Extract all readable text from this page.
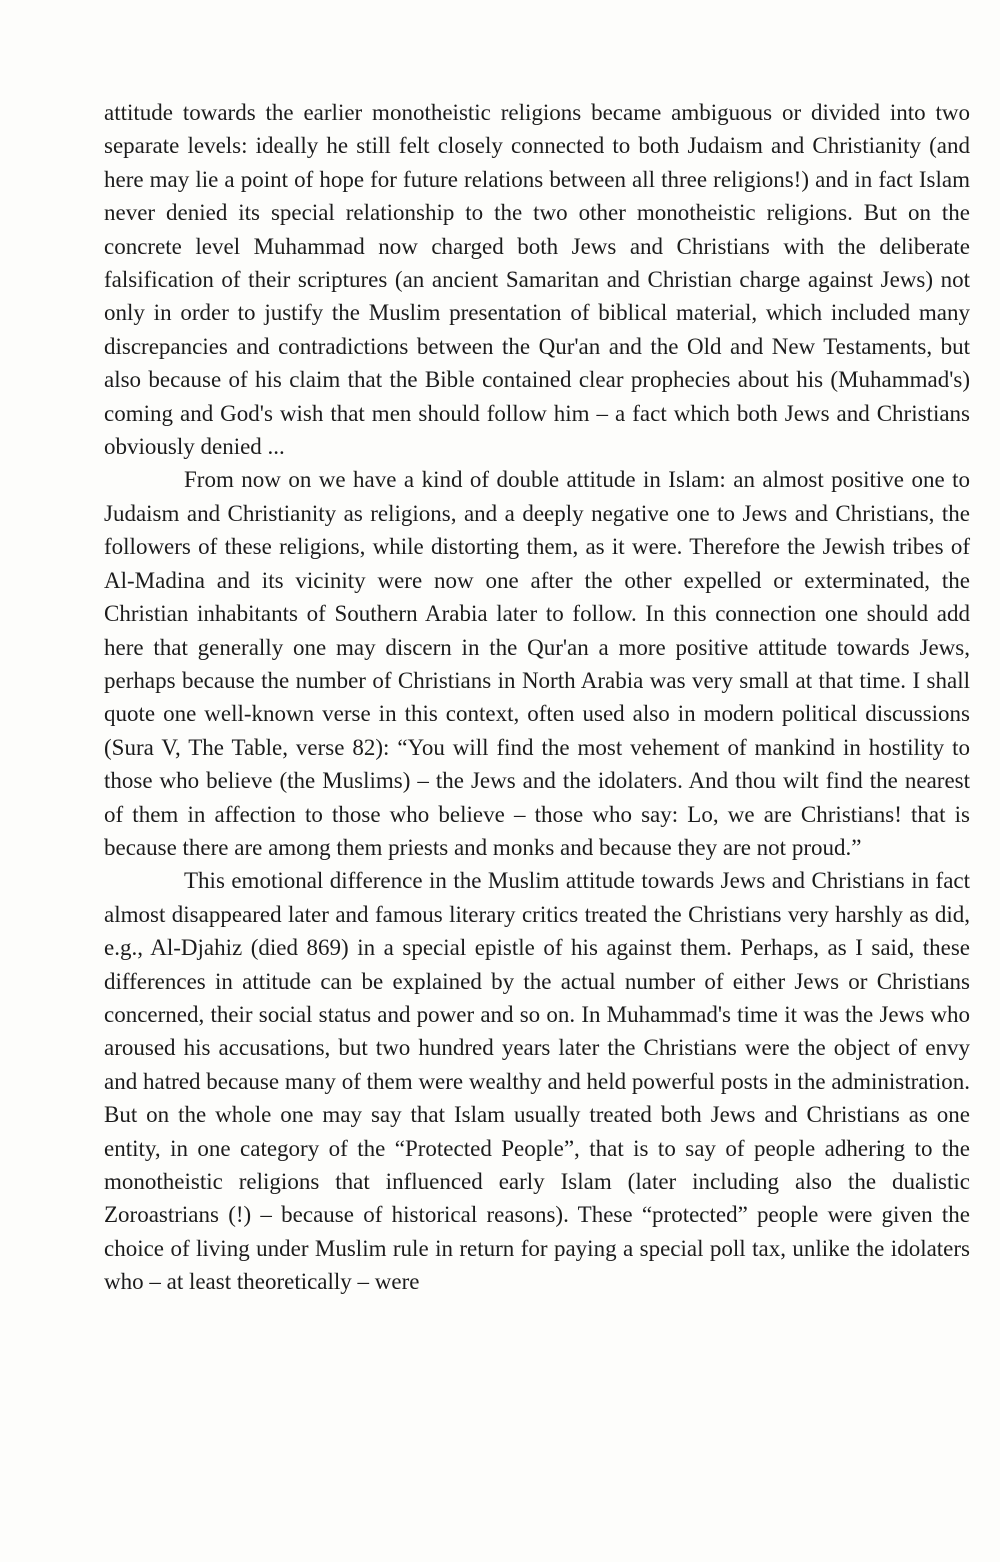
attitude towards the earlier monotheistic religions became ambiguous or divided into two separate levels: ideally he still felt closely connected to both Judaism and Christianity (and here may lie a point of hope for future relations between all three religions!) and in fact Islam never denied its special relationship to the two other monotheistic religions. But on the concrete level Muhammad now charged both Jews and Christians with the deliberate falsification of their scriptures (an ancient Samaritan and Christian charge against Jews) not only in order to justify the Muslim presentation of biblical material, which included many discrepancies and contradictions between the Qur'an and the Old and New Testaments, but also because of his claim that the Bible contained clear prophecies about his (Muhammad's) coming and God's wish that men should follow him – a fact which both Jews and Christians obviously denied ...

From now on we have a kind of double attitude in Islam: an almost positive one to Judaism and Christianity as religions, and a deeply negative one to Jews and Christians, the followers of these religions, while distorting them, as it were. Therefore the Jewish tribes of Al-Madina and its vicinity were now one after the other expelled or exterminated, the Christian inhabitants of Southern Arabia later to follow. In this connection one should add here that generally one may discern in the Qur'an a more positive attitude towards Jews, perhaps because the number of Christians in North Arabia was very small at that time. I shall quote one well-known verse in this context, often used also in modern political discussions (Sura V, The Table, verse 82): “You will find the most vehement of mankind in hostility to those who believe (the Muslims) – the Jews and the idolaters. And thou wilt find the nearest of them in affection to those who believe – those who say: Lo, we are Christians! that is because there are among them priests and monks and because they are not proud.”

This emotional difference in the Muslim attitude towards Jews and Christians in fact almost disappeared later and famous literary critics treated the Christians very harshly as did, e.g., Al-Djahiz (died 869) in a special epistle of his against them. Perhaps, as I said, these differences in attitude can be explained by the actual number of either Jews or Christians concerned, their social status and power and so on. In Muhammad's time it was the Jews who aroused his accusations, but two hundred years later the Christians were the object of envy and hatred because many of them were wealthy and held powerful posts in the administration. But on the whole one may say that Islam usually treated both Jews and Christians as one entity, in one category of the “Protected People”, that is to say of people adhering to the monotheistic religions that influenced early Islam (later including also the dualistic Zoroastrians (!) – because of historical reasons). These “protected” people were given the choice of living under Muslim rule in return for paying a special poll tax, unlike the idolaters who – at least theoretically – were
